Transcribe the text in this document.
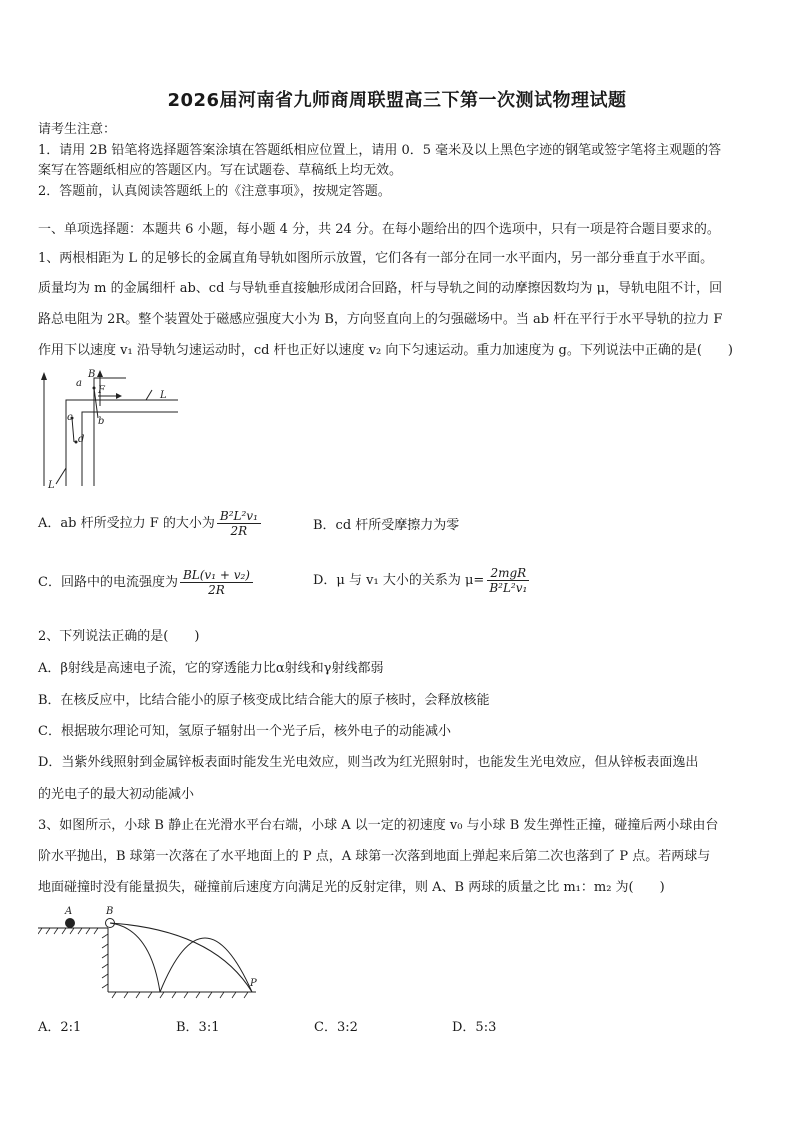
2026届河南省九师商周联盟高三下第一次测试物理试题
请考生注意：
1．请用 2B 铅笔将选择题答案涂填在答题纸相应位置上，请用 0．5 毫米及以上黑色字迹的钢笔或签字笔将主观题的答
案写在答题纸相应的答题区内。写在试题卷、草稿纸上均无效。
2．答题前，认真阅读答题纸上的《注意事项》，按规定答题。
一、单项选择题：本题共 6 小题，每小题 4 分，共 24 分。在每小题给出的四个选项中，只有一项是符合题目要求的。
1、两根相距为 L 的足够长的金属直角导轨如图所示放置，它们各有一部分在同一水平面内，另一部分垂直于水平面。
质量均为 m 的金属细杆 ab、cd 与导轨垂直接触形成闭合回路，杆与导轨之间的动摩擦因数均为 μ，导轨电阻不计，回
路总电阻为 2R。整个装置处于磁感应强度大小为 B，方向竖直向上的匀强磁场中。当 ab 杆在平行于水平导轨的拉力 F
作用下以速度 v₁ 沿导轨匀速运动时，cd 杆也正好以速度 v₂ 向下匀速运动。重力加速度为 g。下列说法中正确的是(　　)
a
B
F
b
L
c
d
L
A．ab 杆所受拉力 F 的大小为 $\frac{\text{B²L²v₁}}{2R}$	B．cd 杆所受摩擦力为零
C．回路中的电流强度为 $\frac{\text{BL(v₁ + v₂)}}{2R}$	D．μ 与 v₁ 大小的关系为 $\mu= \frac{\text{2mgR}}{\text{B²L²v₁}}$
2、下列说法正确的是(　　)
A．β射线是高速电子流，它的穿透能力比α射线和γ射线都弱
B．在核反应中，比结合能小的原子核变成比结合能大的原子核时，会释放核能
C．根据玻尔理论可知，氢原子辐射出一个光子后，核外电子的动能减小
D．当紫外线照射到金属锌板表面时能发生光电效应，则当改为红光照射时，也能发生光电效应，但从锌板表面逸出
的光电子的最大初动能减小
3、如图所示，小球 B 静止在光滑水平台右端，小球 A 以一定的初速度 v₀ 与小球 B 发生弹性正撞，碰撞后两小球由台
阶水平抛出，B 球第一次落在了水平地面上的 P 点，A 球第一次落到地面上弹起来后第二次也落到了 P 点。若两球与
地面碰撞时没有能量损失，碰撞前后速度方向满足光的反射定律，则 A、B 两球的质量之比 m₁：m₂ 为(　　)
A	B
P
A．2:1	B．3:1	C．3:2	D．5:3
